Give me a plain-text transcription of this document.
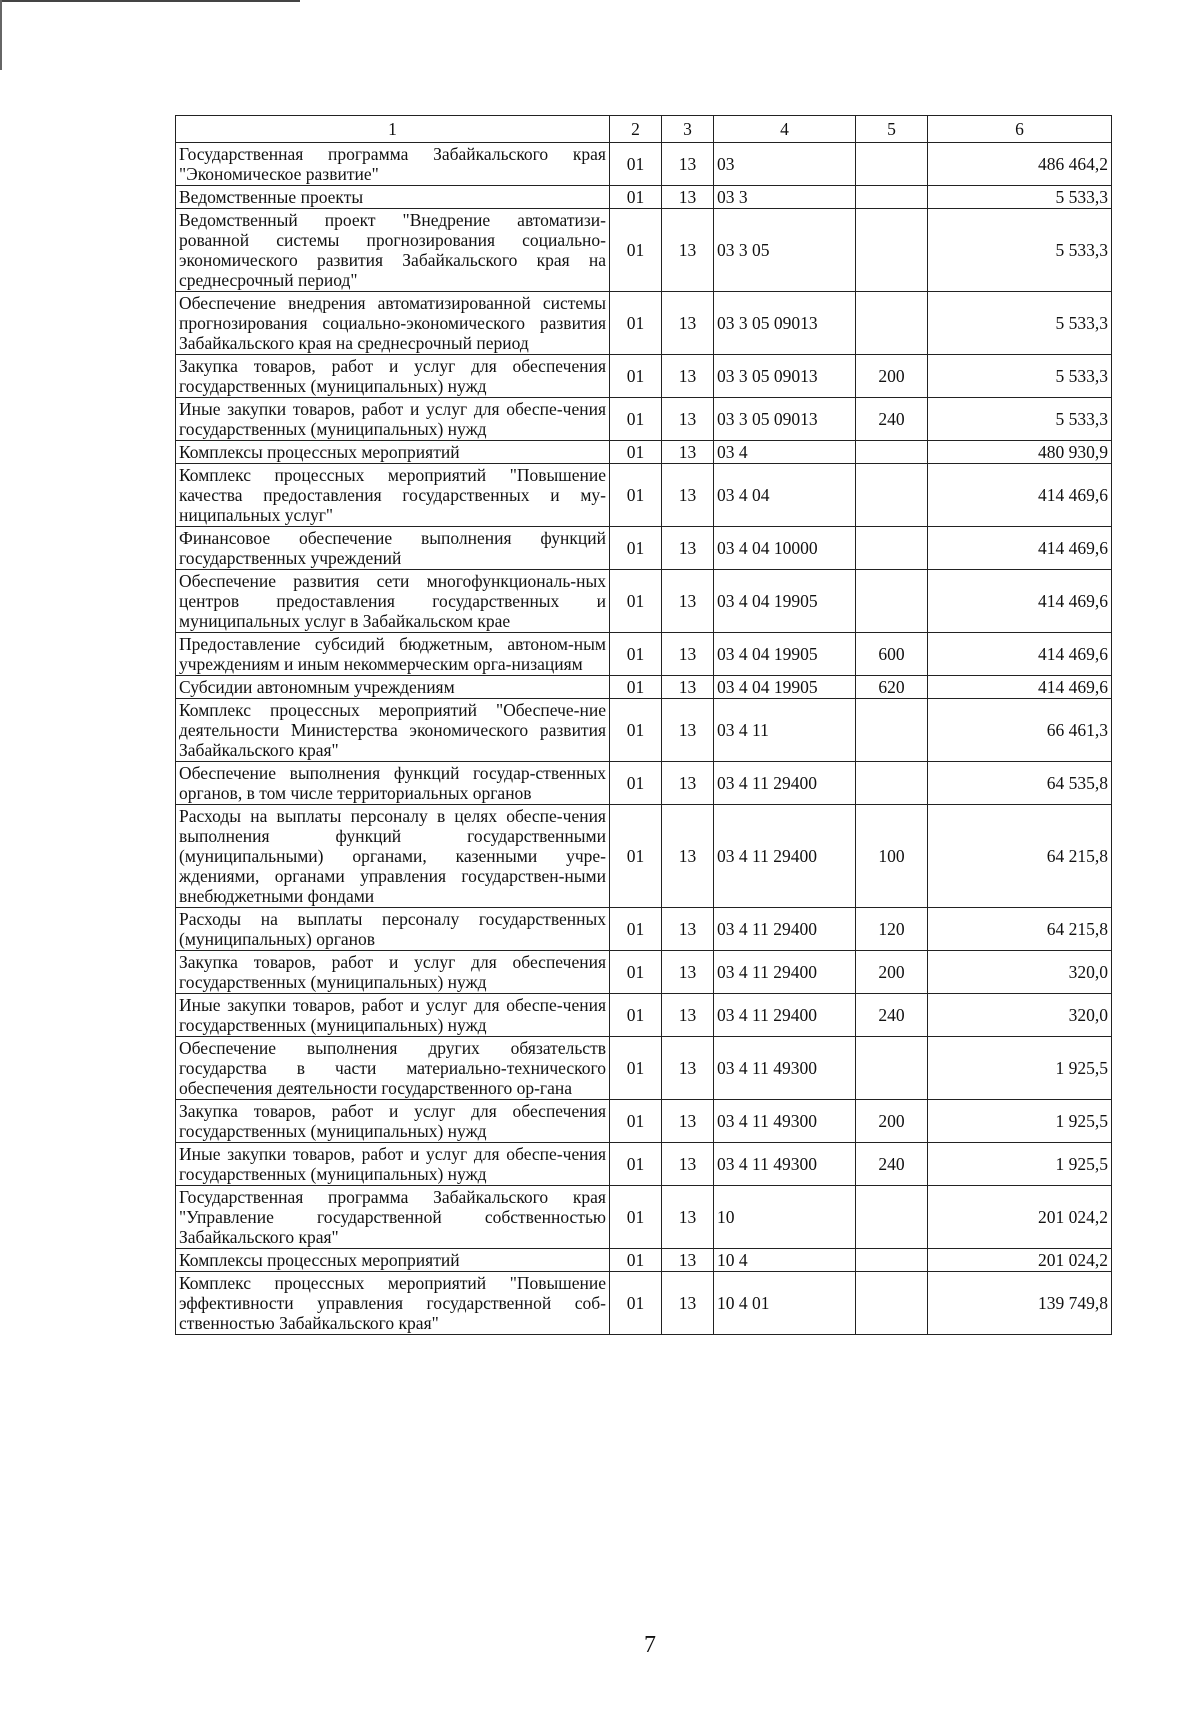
1	2	3	4	5	6
Государственная программа Забайкальского края "Экономическое развитие"	01	13	03		486 464,2
Ведомственные проекты	01	13	03 3		5 533,3
Ведомственный проект "Внедрение автоматизи-рованной системы прогнозирования социально-экономического развития Забайкальского края на среднесрочный период"	01	13	03 3 05		5 533,3
Обеспечение внедрения автоматизированной системы прогнозирования социально-экономического развития Забайкальского края на среднесрочный период	01	13	03 3 05 09013		5 533,3
Закупка товаров, работ и услуг для обеспечения государственных (муниципальных) нужд	01	13	03 3 05 09013	200	5 533,3
Иные закупки товаров, работ и услуг для обеспе-чения государственных (муниципальных) нужд	01	13	03 3 05 09013	240	5 533,3
Комплексы процессных мероприятий	01	13	03 4		480 930,9
Комплекс процессных мероприятий "Повышение качества предоставления государственных и му-ниципальных услуг"	01	13	03 4 04		414 469,6
Финансовое обеспечение выполнения функций государственных учреждений	01	13	03 4 04 10000		414 469,6
Обеспечение развития сети многофункциональ-ных центров предоставления государственных и муниципальных услуг в Забайкальском крае	01	13	03 4 04 19905		414 469,6
Предоставление субсидий бюджетным, автоном-ным учреждениям и иным некоммерческим орга-низациям	01	13	03 4 04 19905	600	414 469,6
Субсидии автономным учреждениям	01	13	03 4 04 19905	620	414 469,6
Комплекс процессных мероприятий "Обеспече-ние деятельности Министерства экономического развития Забайкальского края"	01	13	03 4 11		66 461,3
Обеспечение выполнения функций государ-ственных органов, в том числе территориальных органов	01	13	03 4 11 29400		64 535,8
Расходы на выплаты персоналу в целях обеспе-чения выполнения функций государственными (муниципальными) органами, казенными учре-ждениями, органами управления государствен-ными внебюджетными фондами	01	13	03 4 11 29400	100	64 215,8
Расходы на выплаты персоналу государственных (муниципальных) органов	01	13	03 4 11 29400	120	64 215,8
Закупка товаров, работ и услуг для обеспечения государственных (муниципальных) нужд	01	13	03 4 11 29400	200	320,0
Иные закупки товаров, работ и услуг для обеспе-чения государственных (муниципальных) нужд	01	13	03 4 11 29400	240	320,0
Обеспечение выполнения других обязательств государства в части материально-технического обеспечения деятельности государственного ор-гана	01	13	03 4 11 49300		1 925,5
Закупка товаров, работ и услуг для обеспечения государственных (муниципальных) нужд	01	13	03 4 11 49300	200	1 925,5
Иные закупки товаров, работ и услуг для обеспе-чения государственных (муниципальных) нужд	01	13	03 4 11 49300	240	1 925,5
Государственная программа Забайкальского края "Управление государственной собственностью Забайкальского края"	01	13	10		201 024,2
Комплексы процессных мероприятий	01	13	10 4		201 024,2
Комплекс процессных мероприятий "Повышение эффективности управления государственной соб-ственностью Забайкальского края"	01	13	10 4 01		139 749,8
7
